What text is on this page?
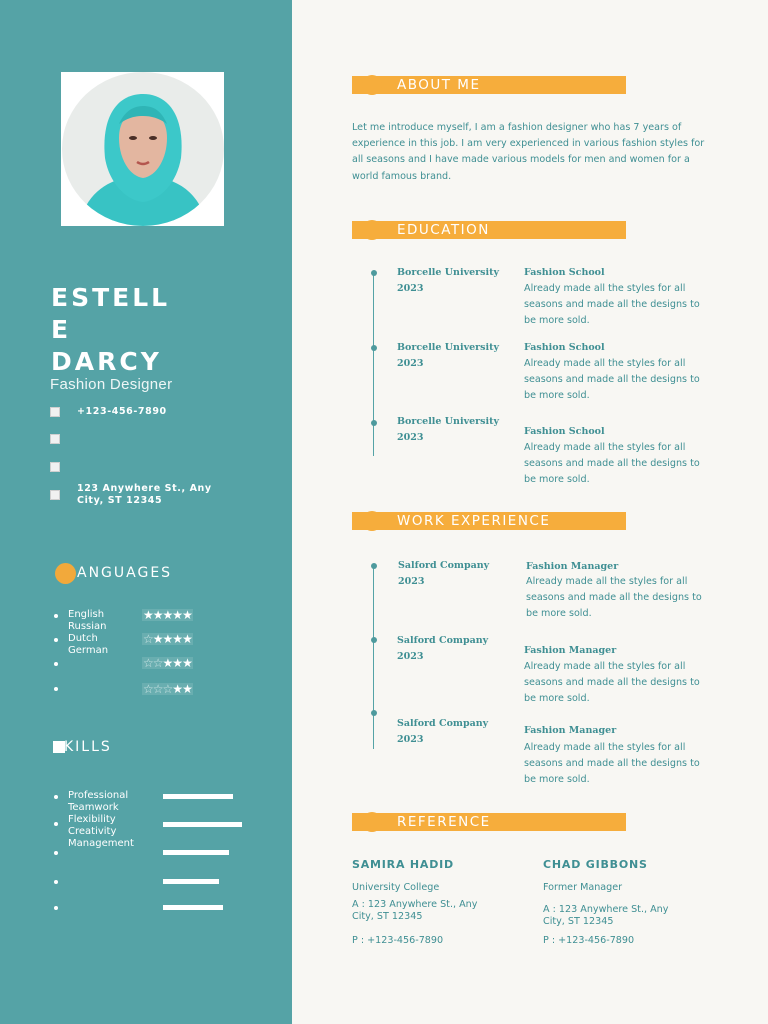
ESTELL
E
DARCY
Fashion Designer
+123-456-7890
123 Anywhere St., Any City, ST 12345
ANGUAGES
English
Russian
Dutch
German
★★★★★
☆★★★★
☆☆★★★
☆☆☆★★
KILLS
Professional
Teamwork
Flexibility
Creativity
Management
ABOUT ME
Let me introduce myself, I am a fashion designer who has 7 years of experience in this job. I am very experienced in various fashion styles for all seasons and I have made various models for men and women for a world famous brand.
EDUCATION
Borcelle University
2023
Fashion School
Already made all the styles for all seasons and made all the designs to be more sold.
Borcelle University
2023
Fashion School
Already made all the styles for all seasons and made all the designs to be more sold.
Borcelle University
2023
Fashion School
Already made all the styles for all seasons and made all the designs to be more sold.
WORK EXPERIENCE
Salford Company
2023
Fashion Manager
Already made all the styles for all seasons and made all the designs to be more sold.
Salford Company
2023
Fashion Manager
Already made all the styles for all seasons and made all the designs to be more sold.
Salford Company
2023
Fashion Manager
Already made all the styles for all seasons and made all the designs to be more sold.
REFERENCE
SAMIRA HADID
University College
A : 123 Anywhere St., Any City, ST 12345
P : +123-456-7890
CHAD GIBBONS
Former Manager
A : 123 Anywhere St., Any City, ST 12345
P : +123-456-7890
